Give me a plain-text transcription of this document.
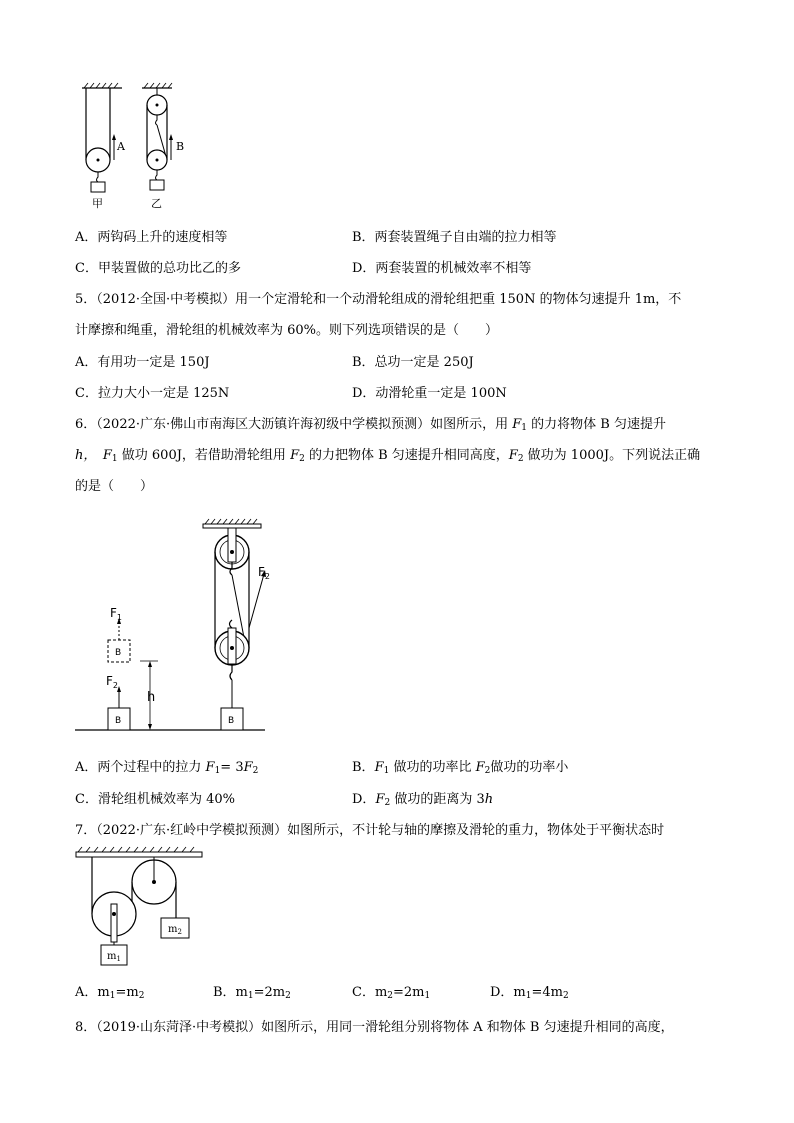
A
甲
B
乙
A．两钩码上升的速度相等	B．两套装置绳子自由端的拉力相等
C．甲装置做的总功比乙的多	D．两套装置的机械效率不相等
5．（2012·全国·中考模拟）用一个定滑轮和一个动滑轮组成的滑轮组把重 150N 的物体匀速提升 1m，不
计摩擦和绳重，滑轮组的机械效率为 60%。则下列选项错误的是（　　）
A．有用功一定是 150J	B．总功一定是 250J
C．拉力大小一定是 125N	D．动滑轮重一定是 100N
6．（2022·广东·佛山市南海区大沥镇许海初级中学模拟预测）如图所示，用 $F_1$ 的力将物体 B 匀速提升
h，　$F_1$ 做功 600J，若借助滑轮组用 $F_2$ 的力把物体 B 匀速提升相同高度，$F_2$ 做功为 1000J。下列说法正确
的是（　　）
B
$F_2$
B
$F_1$
h
$F_2$
B
A．两个过程中的拉力 $F_1= 3F_2$	B．$F_1$ 做功的功率比 $F_2$做功的功率小
C．滑轮组机械效率为 40%	D．$F_2$ 做功的距离为 3h
7．（2022·广东·红岭中学模拟预测）如图所示，不计轮与轴的摩擦及滑轮的重力，物体处于平衡状态时
$m_2$
$m_1$
A．$m_1=m_2$	B．$m_1=2m_2$	C．$m_2=2m_1$	D．$m_1=4m_2$
8．（2019·山东菏泽·中考模拟）如图所示，用同一滑轮组分别将物体 A 和物体 B 匀速提升相同的高度，
